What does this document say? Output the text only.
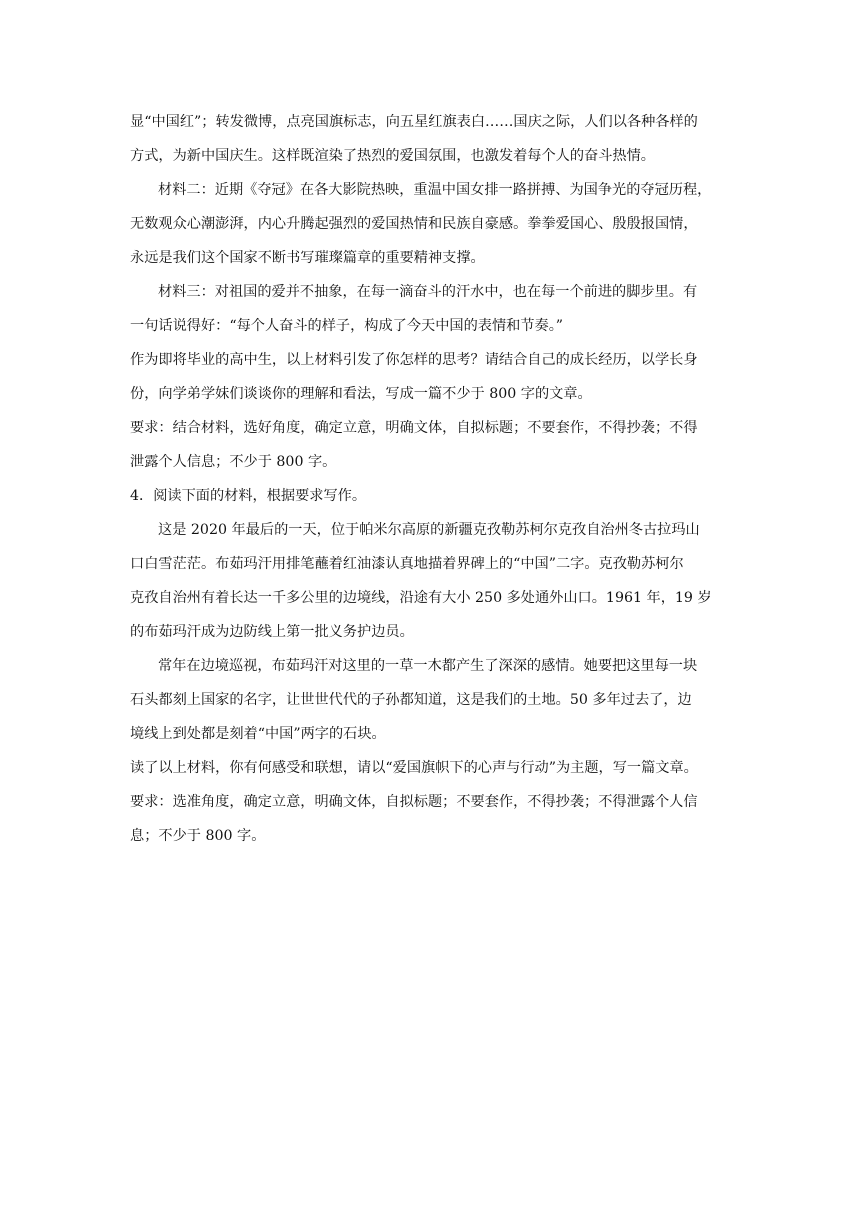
显“中国红”；转发微博，点亮国旗标志，向五星红旗表白……国庆之际，人们以各种各样的
方式，为新中国庆生。这样既渲染了热烈的爱国氛围，也激发着每个人的奋斗热情。
材料二：近期《夺冠》在各大影院热映，重温中国女排一路拼搏、为国争光的夺冠历程，
无数观众心潮澎湃，内心升腾起强烈的爱国热情和民族自豪感。拳拳爱国心、殷殷报国情，
永远是我们这个国家不断书写璀璨篇章的重要精神支撑。
材料三：对祖国的爱并不抽象，在每一滴奋斗的汗水中，也在每一个前进的脚步里。有
一句话说得好：“每个人奋斗的样子，构成了今天中国的表情和节奏。”
作为即将毕业的高中生，以上材料引发了你怎样的思考？请结合自己的成长经历，以学长身
份，向学弟学妹们谈谈你的理解和看法，写成一篇不少于 800 字的文章。
要求：结合材料，选好角度，确定立意，明确文体，自拟标题；不要套作，不得抄袭；不得
泄露个人信息；不少于 800 字。
4．阅读下面的材料，根据要求写作。
这是 2020 年最后的一天，位于帕米尔高原的新疆克孜勒苏柯尔克孜自治州冬古拉玛山
口白雪茫茫。布茹玛汗用排笔蘸着红油漆认真地描着界碑上的“中国”二字。克孜勒苏柯尔
克孜自治州有着长达一千多公里的边境线，沿途有大小 250 多处通外山口。1961 年，19 岁
的布茹玛汗成为边防线上第一批义务护边员。
常年在边境巡视，布茹玛汗对这里的一草一木都产生了深深的感情。她要把这里每一块
石头都刻上国家的名字，让世世代代的子孙都知道，这是我们的土地。50 多年过去了，边
境线上到处都是刻着“中国”两字的石块。
读了以上材料，你有何感受和联想，请以“爱国旗帜下的心声与行动”为主题，写一篇文章。
要求：选准角度，确定立意，明确文体，自拟标题；不要套作，不得抄袭；不得泄露个人信
息；不少于 800 字。
